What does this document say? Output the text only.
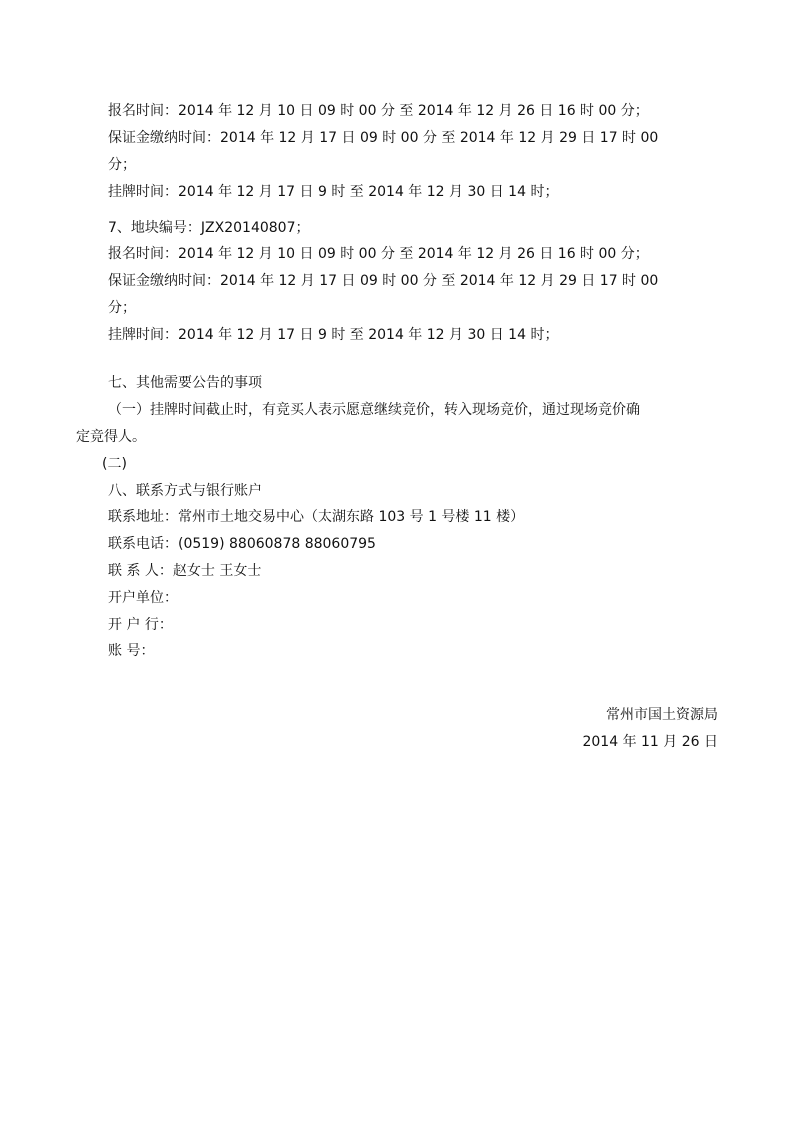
报名时间：2014 年 12 月 10 日 09 时 00 分 至 2014 年 12 月 26 日 16 时 00 分；
保证金缴纳时间：2014 年 12 月 17 日 09 时 00 分 至 2014 年 12 月 29 日 17 时 00
分；
挂牌时间：2014 年 12 月 17 日 9 时 至 2014 年 12 月 30 日 14 时；
7、地块编号：JZX20140807；
报名时间：2014 年 12 月 10 日 09 时 00 分 至 2014 年 12 月 26 日 16 时 00 分；
保证金缴纳时间：2014 年 12 月 17 日 09 时 00 分 至 2014 年 12 月 29 日 17 时 00
分；
挂牌时间：2014 年 12 月 17 日 9 时 至 2014 年 12 月 30 日 14 时；
七、其他需要公告的事项
（一）挂牌时间截止时，有竞买人表示愿意继续竞价，转入现场竞价，通过现场竞价确
定竞得人。
(二)
八、联系方式与银行账户
联系地址：常州市土地交易中心（太湖东路 103 号 1 号楼 11 楼）
联系电话：(0519) 88060878 88060795
联 系 人：赵女士 王女士
开户单位：
开 户 行：
账 号：
常州市国土资源局
2014 年 11 月 26 日
